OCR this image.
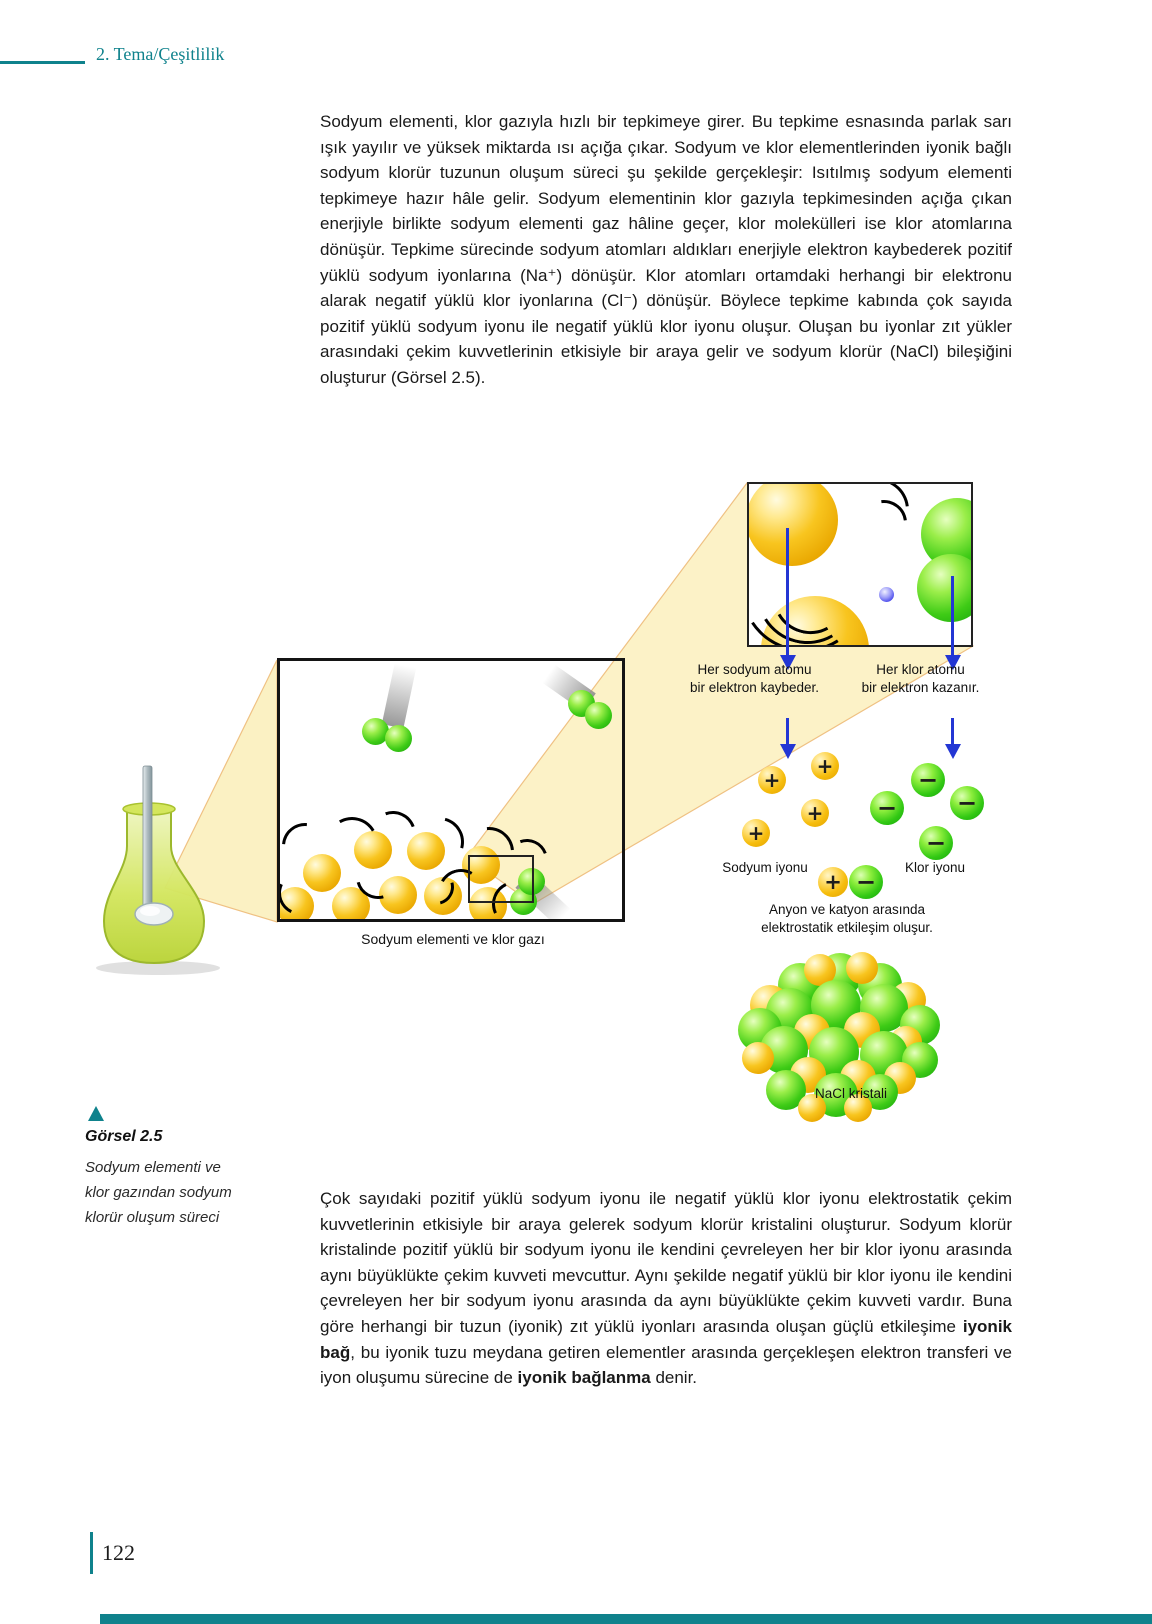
2. Tema/Çeşitlilik

Sodyum elementi, klor gazıyla hızlı bir tepkimeye girer. Bu tepkime esnasında parlak sarı ışık yayılır ve yüksek miktarda ısı açığa çıkar. Sodyum ve klor elementlerinden iyonik bağlı sodyum klorür tuzunun oluşum süreci şu şekilde gerçekleşir: Isıtılmış sodyum elementi tepkimeye hazır hâle gelir. Sodyum elementinin klor gazıyla tepkimesinden açığa çıkan enerjiyle birlikte sodyum elementi gaz hâline geçer, klor molekülleri ise klor atomlarına dönüşür. Tepkime sürecinde sodyum atomları aldıkları enerjiyle elektron kaybederek pozitif yüklü sodyum iyonlarına (Na⁺) dönüşür. Klor atomları ortamdaki herhangi bir elektronu alarak negatif yüklü klor iyonlarına (Cl⁻) dönüşür. Böylece tepkime kabında çok sayıda pozitif yüklü sodyum iyonu ile negatif yüklü klor iyonu oluşur. Oluşan bu iyonlar zıt yükler arasındaki çekim kuvvetlerinin etkisiyle bir araya gelir ve sodyum klorür (NaCl) bileşiğini oluşturur (Görsel 2.5).

Sodyum elementi ve klor gazı
Her sodyum atomu
bir elektron kaybeder.
Her klor atomu
bir elektron kazanır.
+
+
+
+
−
− −
−
Sodyum iyonu	Klor iyonu
+ −
Anyon ve katyon arasında
elektrostatik etkileşim oluşur.
NaCl kristali
Görsel 2.5
Sodyum elementi ve
klor gazından sodyum
klorür oluşum süreci

Çok sayıdaki pozitif yüklü sodyum iyonu ile negatif yüklü klor iyonu elektrostatik çekim kuvvetlerinin etkisiyle bir araya gelerek sodyum klorür kristalini oluşturur. Sodyum klorür kristalinde pozitif yüklü bir sodyum iyonu ile kendini çevreleyen her bir klor iyonu arasında aynı büyüklükte çekim kuvveti mevcuttur. Aynı şekilde negatif yüklü bir klor iyonu ile kendini çevreleyen her bir sodyum iyonu arasında da aynı büyüklükte çekim kuvveti vardır. Buna göre herhangi bir tuzun (iyonik) zıt yüklü iyonları arasında oluşan güçlü etkileşime iyonik bağ, bu iyonik tuzu meydana getiren elementler arasında gerçekleşen elektron transferi ve iyon oluşumu sürecine de iyonik bağlanma denir.

122
